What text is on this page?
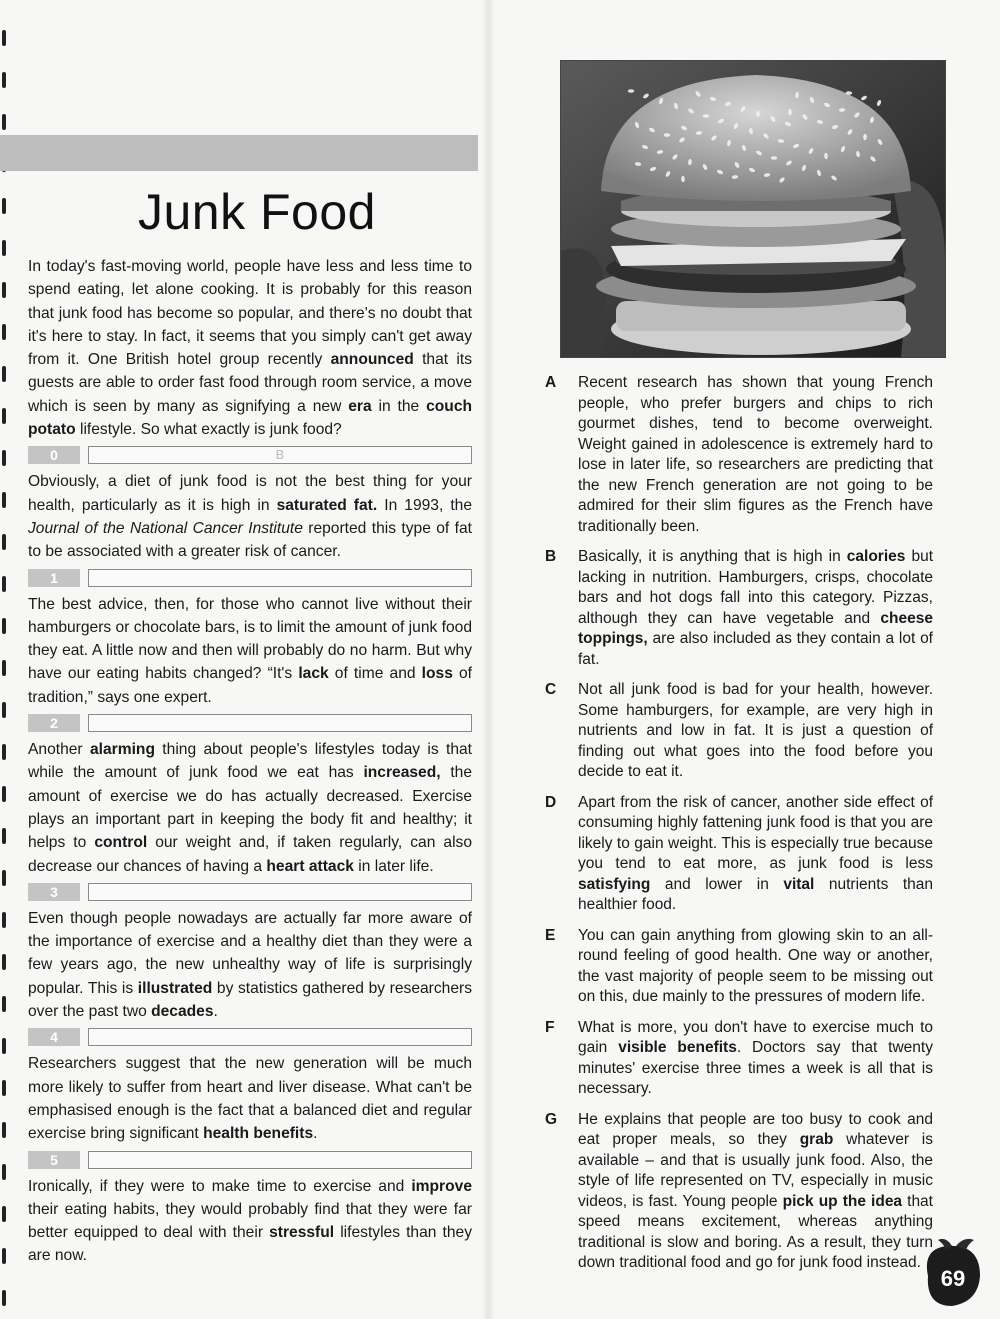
Junk Food

In today's fast-moving world, people have less and less time to spend eating, let alone cooking. It is probably for this reason that junk food has become so popular, and there's no doubt that it's here to stay. In fact, it seems that you simply can't get away from it. One British hotel group recently announced that its guests are able to order fast food through room service, a move which is seen by many as signifying a new era in the couch potato lifestyle. So what exactly is junk food?

0	B

Obviously, a diet of junk food is not the best thing for your health, particularly as it is high in saturated fat. In 1993, the Journal of the National Cancer Institute reported this type of fat to be associated with a greater risk of cancer.

1

The best advice, then, for those who cannot live without their hamburgers or chocolate bars, is to limit the amount of junk food they eat. A little now and then will probably do no harm. But why have our eating habits changed? “It's lack of time and loss of tradition,” says one expert.

2

Another alarming thing about people's lifestyles today is that while the amount of junk food we eat has increased, the amount of exercise we do has actually decreased. Exercise plays an important part in keeping the body fit and healthy; it helps to control our weight and, if taken regularly, can also decrease our chances of having a heart attack in later life.

3

Even though people nowadays are actually far more aware of the importance of exercise and a healthy diet than they were a few years ago, the new unhealthy way of life is surprisingly popular. This is illustrated by statistics gathered by researchers over the past two decades.

4

Researchers suggest that the new generation will be much more likely to suffer from heart and liver disease. What can't be emphasised enough is the fact that a balanced diet and regular exercise bring significant health benefits.

5

Ironically, if they were to make time to exercise and improve their eating habits, they would probably find that they were far better equipped to deal with their stressful lifestyles than they are now.

A	Recent research has shown that young French people, who prefer burgers and chips to rich gourmet dishes, tend to become overweight. Weight gained in adolescence is extremely hard to lose in later life, so researchers are predicting that the new French generation are not going to be admired for their slim figures as the French have traditionally been.

B	Basically, it is anything that is high in calories but lacking in nutrition. Hamburgers, crisps, chocolate bars and hot dogs fall into this category. Pizzas, although they can have vegetable and cheese toppings, are also included as they contain a lot of fat.

C	Not all junk food is bad for your health, however. Some hamburgers, for example, are very high in nutrients and low in fat. It is just a question of finding out what goes into the food before you decide to eat it.

D	Apart from the risk of cancer, another side effect of consuming highly fattening junk food is that you are likely to gain weight. This is especially true because you tend to eat more, as junk food is less satisfying and lower in vital nutrients than healthier food.

E	You can gain anything from glowing skin to an all-round feeling of good health. One way or another, the vast majority of people seem to be missing out on this, due mainly to the pressures of modern life.

F	What is more, you don't have to exercise much to gain visible benefits. Doctors say that twenty minutes' exercise three times a week is all that is necessary.

G	He explains that people are too busy to cook and eat proper meals, so they grab whatever is available – and that is usually junk food. Also, the style of life represented on TV, especially in music videos, is fast. Young people pick up the idea that speed means excitement, whereas anything traditional is slow and boring. As a result, they turn down traditional food and go for junk food instead.

69
